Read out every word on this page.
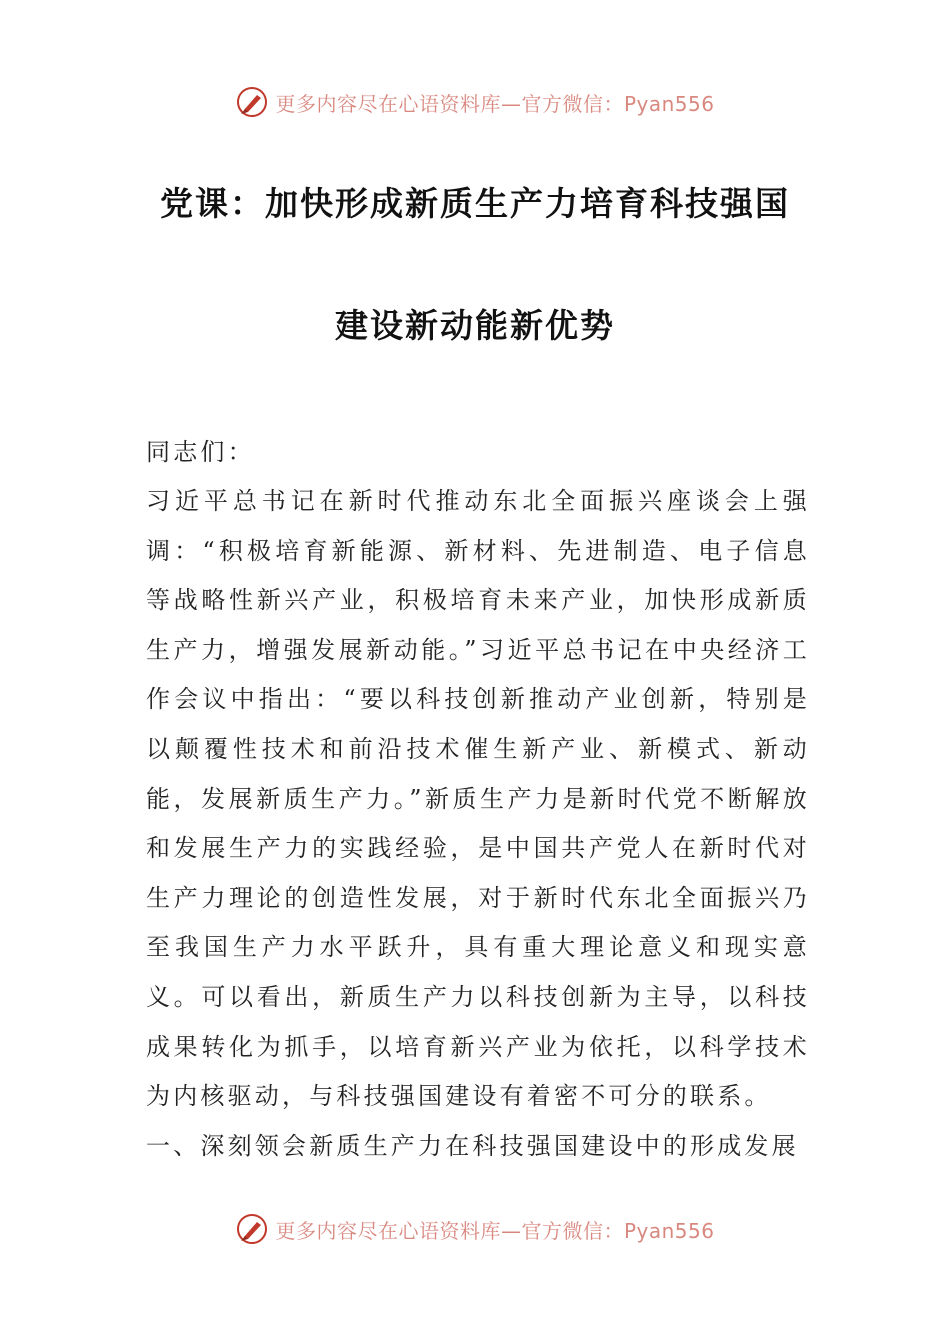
更多内容尽在心语资料库—官方微信：Pyan556
党课：加快形成新质生产力培育科技强国
建设新动能新优势
同志们：
习近平总书记在新时代推动东北全面振兴座谈会上强调：“积极培育新能源、新材料、先进制造、电子信息等战略性新兴产业，积极培育未来产业，加快形成新质生产力，增强发展新动能。”习近平总书记在中央经济工作会议中指出：“要以科技创新推动产业创新，特别是以颠覆性技术和前沿技术催生新产业、新模式、新动能，发展新质生产力。”新质生产力是新时代党不断解放和发展生产力的实践经验，是中国共产党人在新时代对生产力理论的创造性发展，对于新时代东北全面振兴乃至我国生产力水平跃升，具有重大理论意义和现实意义。可以看出，新质生产力以科技创新为主导，以科技成果转化为抓手，以培育新兴产业为依托，以科学技术为内核驱动，与科技强国建设有着密不可分的联系。
一、深刻领会新质生产力在科技强国建设中的形成发展
更多内容尽在心语资料库—官方微信：Pyan556
